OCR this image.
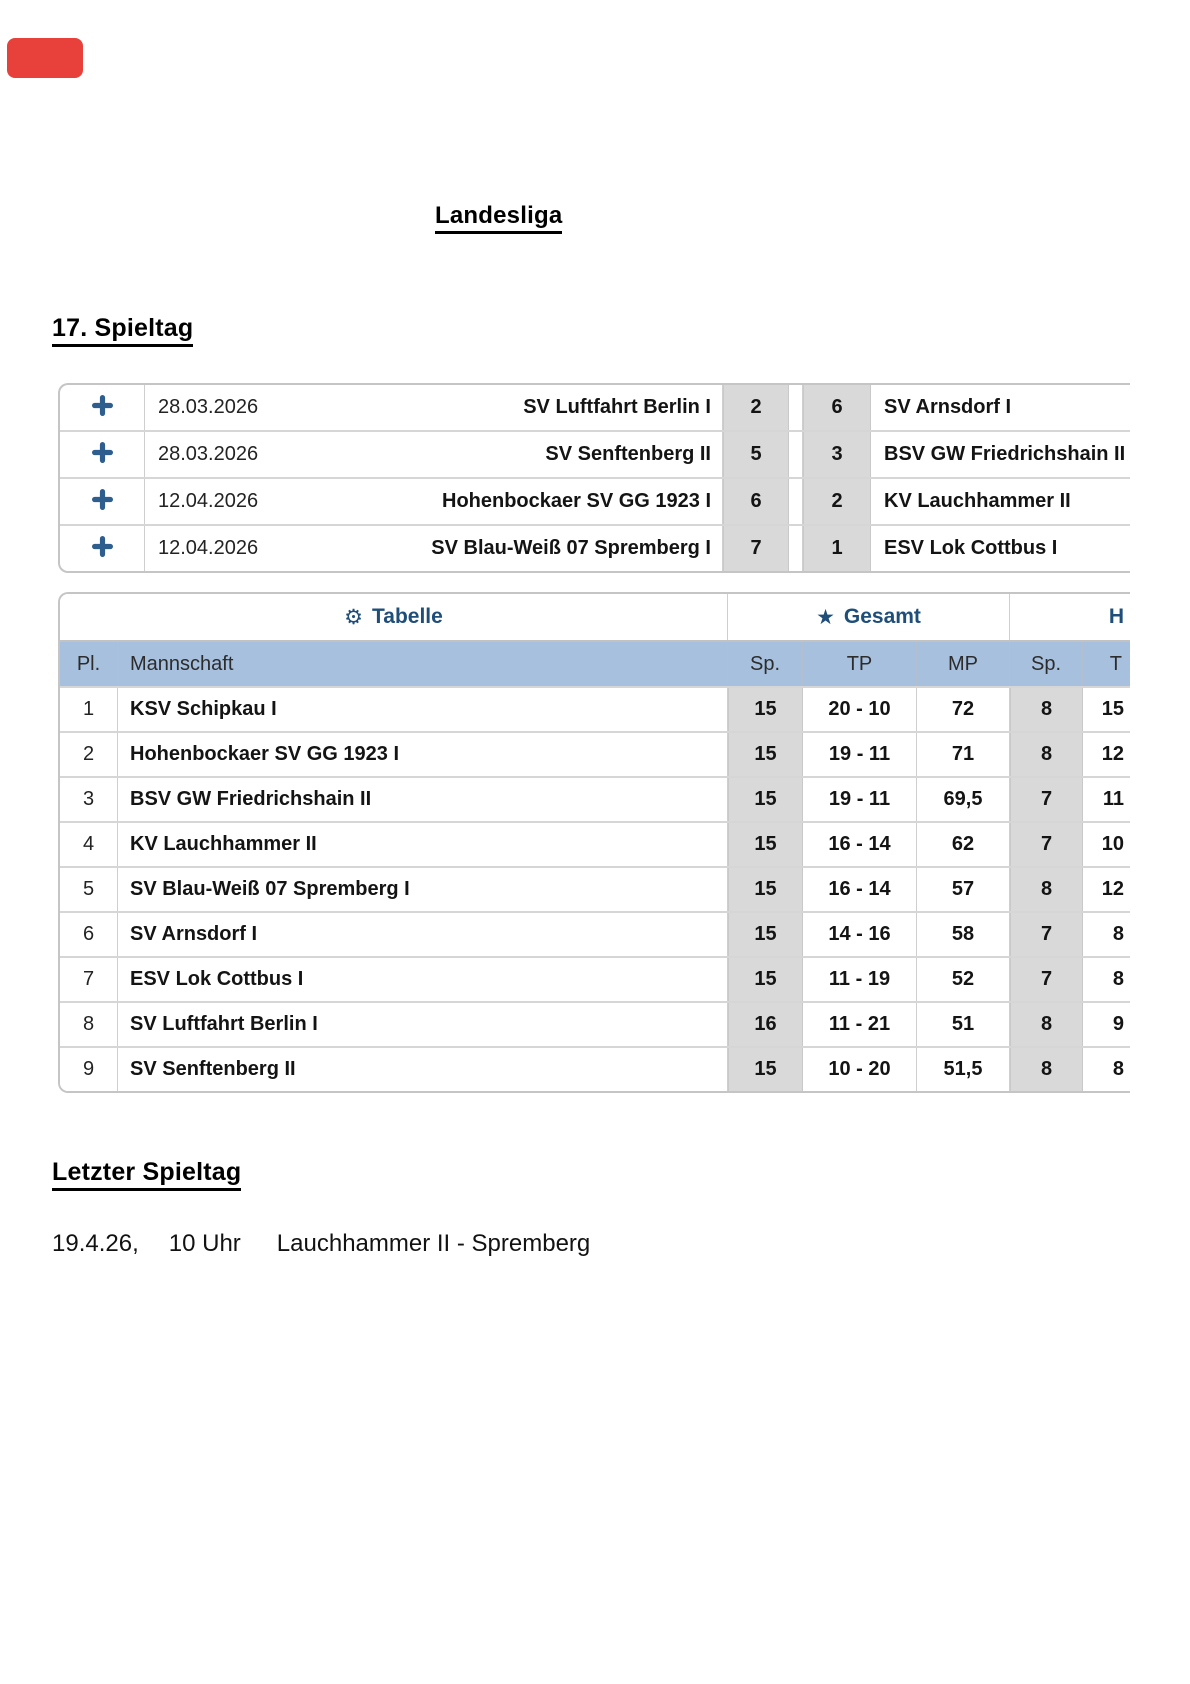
Landesliga
17. Spieltag
28.03.2026	SV Luftfahrt Berlin I	2	6	SV Arnsdorf I
28.03.2026	SV Senftenberg II	5	3	BSV GW Friedrichshain II
12.04.2026	Hohenbockaer SV GG 1923 I	6	2	KV Lauchhammer II
12.04.2026	SV Blau-Weiß 07 Spremberg I	7	1	ESV Lok Cottbus I
⚙ Tabelle	★ Gesamt	H
Pl.	Mannschaft	Sp.	TP	MP	Sp.	T
1	KSV Schipkau I	15	20 - 10	72	8	15
2	Hohenbockaer SV GG 1923 I	15	19 - 11	71	8	12
3	BSV GW Friedrichshain II	15	19 - 11	69,5	7	11
4	KV Lauchhammer II	15	16 - 14	62	7	10
5	SV Blau-Weiß 07 Spremberg I	15	16 - 14	57	8	12
6	SV Arnsdorf I	15	14 - 16	58	7	8
7	ESV Lok Cottbus I	15	11 - 19	52	7	8
8	SV Luftfahrt Berlin I	16	11 - 21	51	8	9
9	SV Senftenberg II	15	10 - 20	51,5	8	8
Letzter Spieltag
19.4.26, 10 Uhr Lauchhammer II - Spremberg
